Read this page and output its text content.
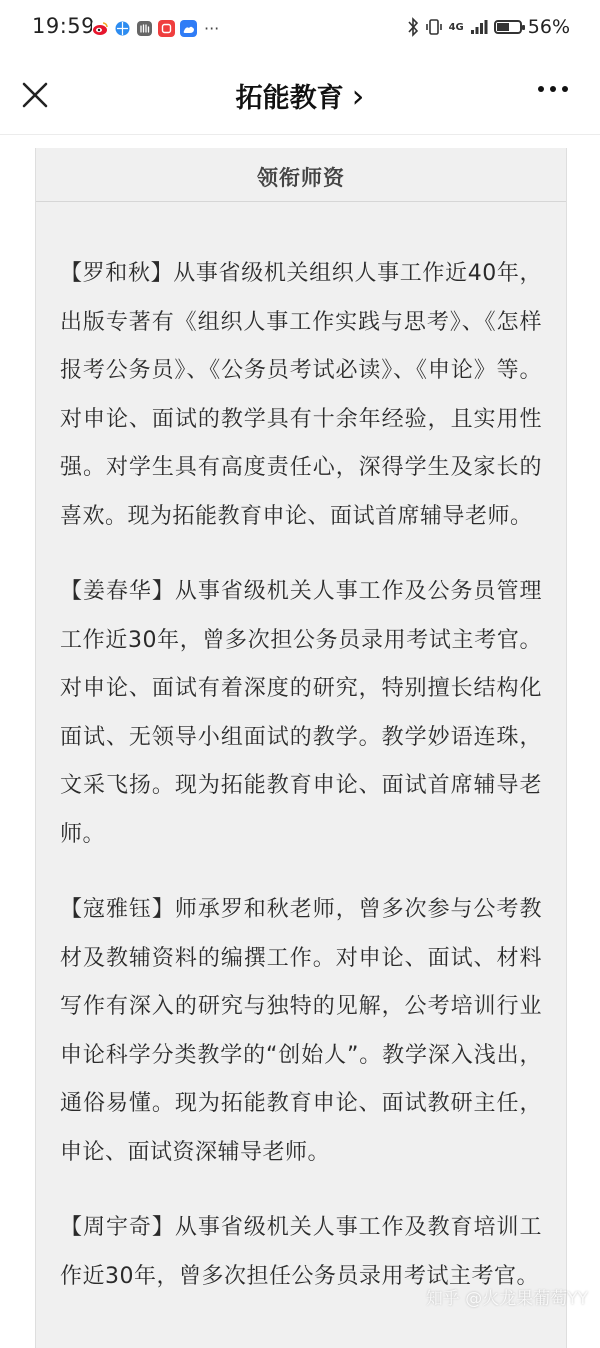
19:59	···	4G	56%
拓能教育 ›
领衔师资

【罗和秋】从事省级机关组织人事工作近40年，出版专著有《组织人事工作实践与思考》、《怎样报考公务员》、《公务员考试必读》、《申论》等。对申论、面试的教学具有十余年经验，且实用性强。对学生具有高度责任心，深得学生及家长的喜欢。现为拓能教育申论、面试首席辅导老师。

【姜春华】从事省级机关人事工作及公务员管理工作近30年，曾多次担公务员录用考试主考官。对申论、面试有着深度的研究，特别擅长结构化面试、无领导小组面试的教学。教学妙语连珠，文采飞扬。现为拓能教育申论、面试首席辅导老师。

【寇雅钰】师承罗和秋老师，曾多次参与公考教材及教辅资料的编撰工作。对申论、面试、材料写作有深入的研究与独特的见解，公考培训行业申论科学分类教学的“创始人”。教学深入浅出，通俗易懂。现为拓能教育申论、面试教研主任，申论、面试资深辅导老师。

【周宇奇】从事省级机关人事工作及教育培训工作近30年，曾多次担任公务员录用考试主考官。

知乎 @火龙果葡萄YY
